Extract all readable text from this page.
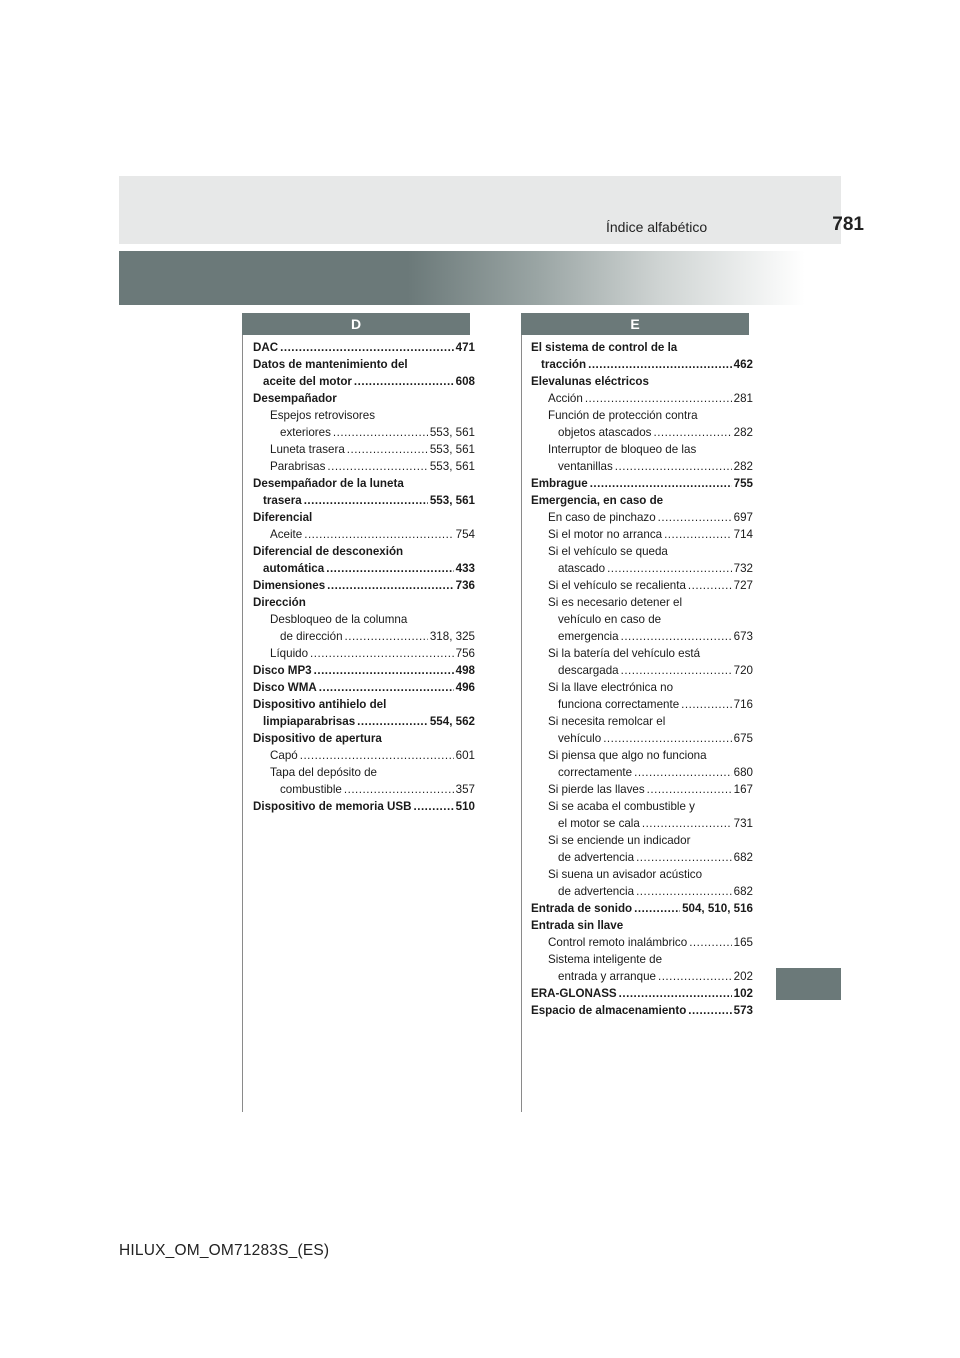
Índice alfabético	781
D	E
DAC .....	471
Datos de mantenimiento del
aceite del motor .....	608
Desempañador
Espejos retrovisores
exteriores .....	553, 561
Luneta trasera .....	553, 561
Parabrisas .....	553, 561
Desempañador de la luneta
trasera .....	553, 561
Diferencial
Aceite .....	754
Diferencial de desconexión
automática .....	433
Dimensiones .....	736
Dirección
Desbloqueo de la columna
de dirección .....	318, 325
Líquido .....	756
Disco MP3 .....	498
Disco WMA .....	496
Dispositivo antihielo del
limpiaparabrisas .....	554, 562
Dispositivo de apertura
Capó .....	601
Tapa del depósito de
combustible .....	357
Dispositivo de memoria USB .....	510
El sistema de control de la
tracción .....	462
Elevalunas eléctricos
Acción .....	281
Función de protección contra
objetos atascados .....	282
Interruptor de bloqueo de las
ventanillas .....	282
Embrague .....	755
Emergencia, en caso de
En caso de pinchazo .....	697
Si el motor no arranca .....	714
Si el vehículo se queda
atascado .....	732
Si el vehículo se recalienta .....	727
Si es necesario detener el
vehículo en caso de
emergencia .....	673
Si la batería del vehículo está
descargada .....	720
Si la llave electrónica no
funciona correctamente .....	716
Si necesita remolcar el
vehículo .....	675
Si piensa que algo no funciona
correctamente .....	680
Si pierde las llaves .....	167
Si se acaba el combustible y
el motor se cala .....	731
Si se enciende un indicador
de advertencia .....	682
Si suena un avisador acústico
de advertencia .....	682
Entrada de sonido .....	504, 510, 516
Entrada sin llave
Control remoto inalámbrico .....	165
Sistema inteligente de
entrada y arranque .....	202
ERA-GLONASS .....	102
Espacio de almacenamiento .....	573
HILUX_OM_OM71283S_(ES)
